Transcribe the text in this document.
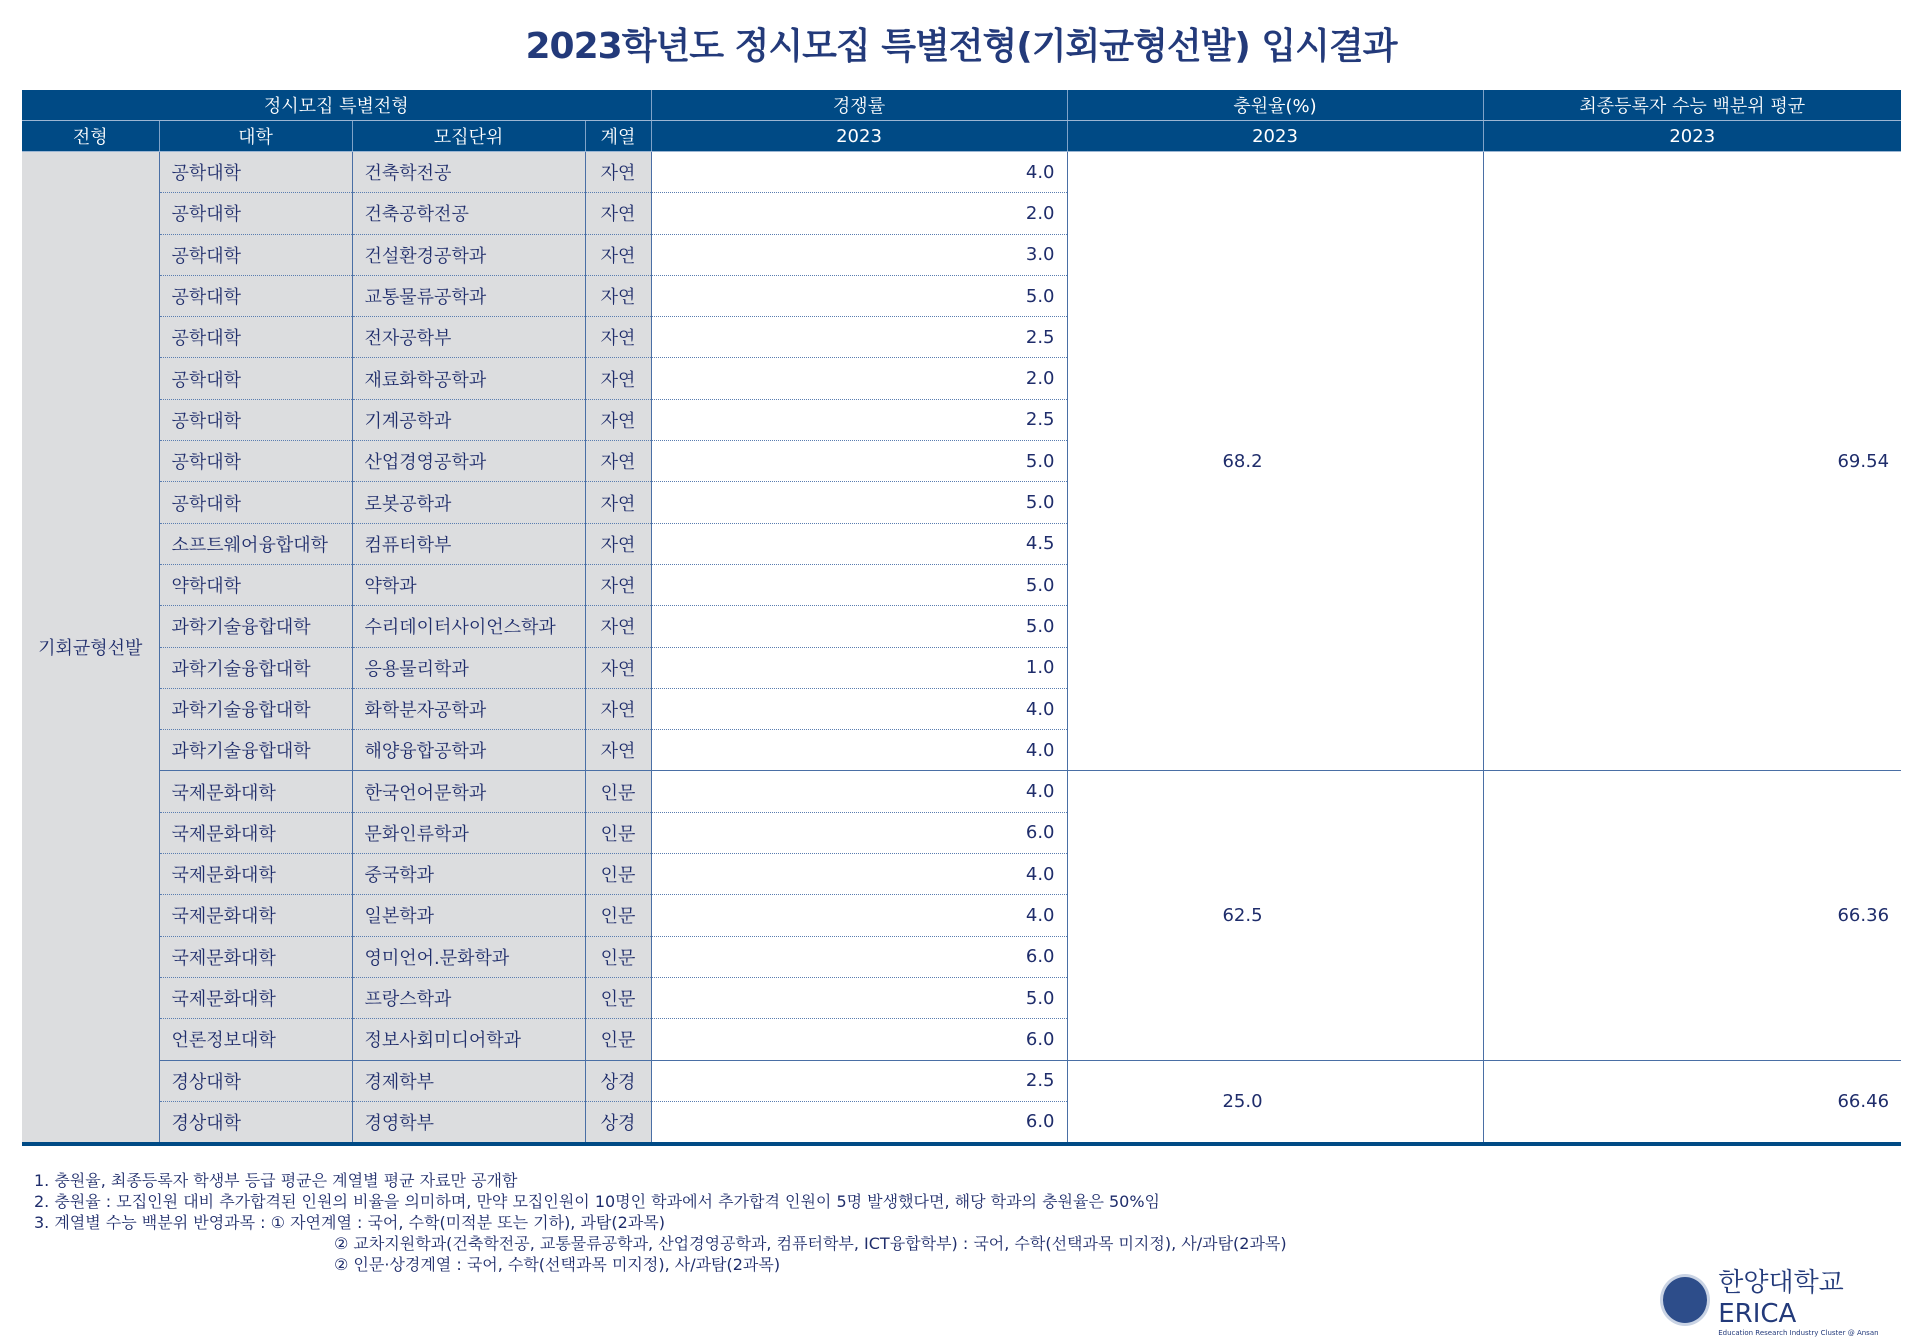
2023학년도 정시모집 특별전형(기회균형선발) 입시결과
정시모집 특별전형				경쟁률	충원율(%)	최종등록자 수능 백분위 평균
전형	대학	모집단위	계열	2023	2023	2023
기회균형선발	공학대학	건축학전공	자연	4.0	68.2	69.54
	공학대학	건축공학전공	자연	2.0		
	공학대학	건설환경공학과	자연	3.0		
	공학대학	교통물류공학과	자연	5.0		
	공학대학	전자공학부	자연	2.5		
	공학대학	재료화학공학과	자연	2.0		
	공학대학	기계공학과	자연	2.5		
	공학대학	산업경영공학과	자연	5.0		
	공학대학	로봇공학과	자연	5.0		
	소프트웨어융합대학	컴퓨터학부	자연	4.5		
	약학대학	약학과	자연	5.0		
	과학기술융합대학	수리데이터사이언스학과	자연	5.0		
	과학기술융합대학	응용물리학과	자연	1.0		
	과학기술융합대학	화학분자공학과	자연	4.0		
	과학기술융합대학	해양융합공학과	자연	4.0		
	국제문화대학	한국언어문학과	인문	4.0	62.5	66.36
	국제문화대학	문화인류학과	인문	6.0		
	국제문화대학	중국학과	인문	4.0		
	국제문화대학	일본학과	인문	4.0		
	국제문화대학	영미언어.문화학과	인문	6.0		
	국제문화대학	프랑스학과	인문	5.0		
	언론정보대학	정보사회미디어학과	인문	6.0		
	경상대학	경제학부	상경	2.5	25.0	66.46
	경상대학	경영학부	상경	6.0		
1. 충원율, 최종등록자 학생부 등급 평균은 계열별 평균 자료만 공개함
2. 충원율 : 모집인원 대비 추가합격된 인원의 비율을 의미하며, 만약 모집인원이 10명인 학과에서 추가합격 인원이 5명 발생했다면, 해당 학과의 충원율은 50%임
3. 계열별 수능 백분위 반영과목 : ① 자연계열 : 국어, 수학(미적분 또는 기하), 과탐(2과목)
② 교차지원학과(건축학전공, 교통물류공학과, 산업경영공학과, 컴퓨터학부, ICT융합학부) : 국어, 수학(선택과목 미지정), 사/과탐(2과목)
② 인문·상경계열 : 국어, 수학(선택과목 미지정), 사/과탐(2과목)
한양대학교 ERICA
Education Research Industry Cluster @ Ansan
